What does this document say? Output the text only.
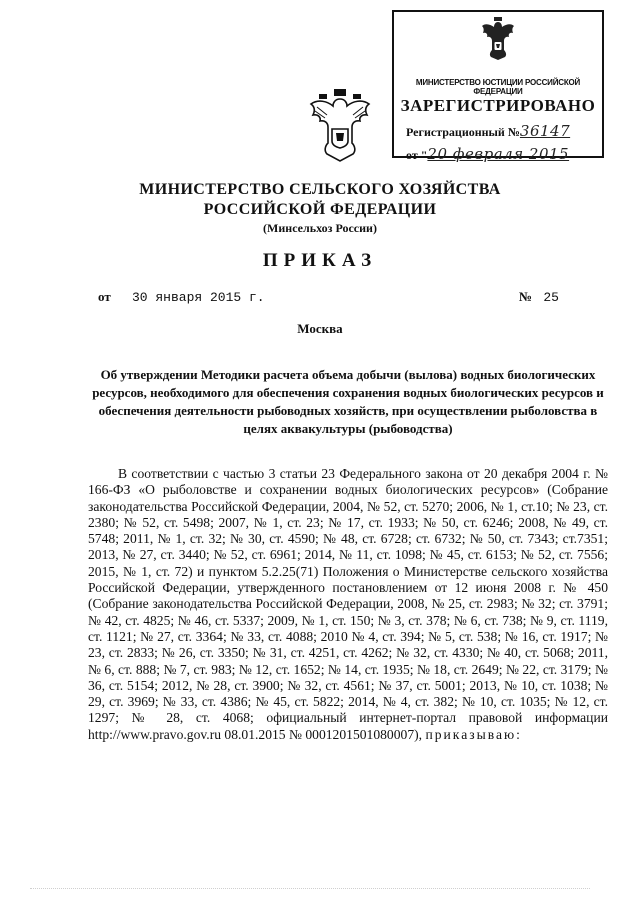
МИНИСТЕРСТВО ЮСТИЦИИ РОССИЙСКОЙ ФЕДЕРАЦИИ
ЗАРЕГИСТРИРОВАНО
Регистрационный №36147
от "20 февраля 2015
МИНИСТЕРСТВО СЕЛЬСКОГО ХОЗЯЙСТВА
РОССИЙСКОЙ ФЕДЕРАЦИИ
(Минсельхоз России)
ПРИКАЗ
от 30 января 2015 г.	№ 25
Москва
Об утверждении Методики расчета объема добычи (вылова) водных биологических ресурсов, необходимого для обеспечения сохранения водных биологических ресурсов и обеспечения деятельности рыбоводных хозяйств, при осуществлении рыболовства в целях аквакультуры (рыбоводства)
В соответствии с частью 3 статьи 23 Федерального закона от 20 декабря 2004 г. № 166-ФЗ «О рыболовстве и сохранении водных биологических ресурсов» (Собрание законодательства Российской Федерации, 2004, № 52, ст. 5270; 2006, № 1, ст.10; № 23, ст. 2380; № 52, ст. 5498; 2007, № 1, ст. 23; № 17, ст. 1933; № 50, ст. 6246; 2008, № 49, ст. 5748; 2011, № 1, ст. 32; № 30, ст. 4590; № 48, ст. 6728; ст. 6732; № 50, ст. 7343; ст.7351; 2013, № 27, ст. 3440; № 52, ст. 6961; 2014, № 11, ст. 1098; № 45, ст. 6153; № 52, ст. 7556; 2015, № 1, ст. 72) и пунктом 5.2.25(71) Положения о Министерстве сельского хозяйства Российской Федерации, утвержденного постановлением от 12 июня 2008 г. № 450 (Собрание законодательства Российской Федерации, 2008, № 25, ст. 2983; № 32; ст. 3791; № 42, ст. 4825; № 46, ст. 5337; 2009, № 1, ст. 150; № 3, ст. 378; № 6, ст. 738; № 9, ст. 1119, ст. 1121; № 27, ст. 3364; № 33, ст. 4088; 2010 № 4, ст. 394; № 5, ст. 538; № 16, ст. 1917; № 23, ст. 2833; № 26, ст. 3350; № 31, ст. 4251, ст. 4262; № 32, ст. 4330; № 40, ст. 5068; 2011, № 6, ст. 888; № 7, ст. 983; № 12, ст. 1652; № 14, ст. 1935; № 18, ст. 2649; № 22, ст. 3179; № 36, ст. 5154; 2012, № 28, ст. 3900; № 32, ст. 4561; № 37, ст. 5001; 2013, № 10, ст. 1038; № 29, ст. 3969; № 33, ст. 4386; № 45, ст. 5822; 2014, № 4, ст. 382; № 10, ст. 1035; № 12, ст. 1297; № 28, ст. 4068; официальный интернет-портал правовой информации http://www.pravo.gov.ru 08.01.2015 № 0001201501080007), приказываю:
